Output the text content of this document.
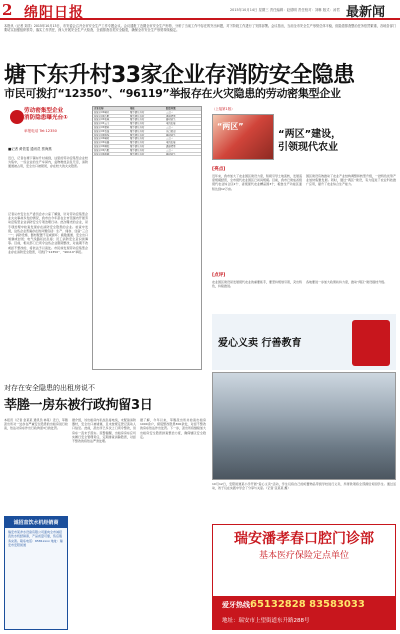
2 绵阳日报	2015年10月14日 星期三 责任编辑：赵德明 责任校对：刘琳 版式：汤君 最新闻
本报讯（记者 刘洋）2015年10月13日，市安委会召开全市安全生产工作专题会议。会议通报了近期全市安全生产形势，分析了当前工作中存在的突出问题，对下阶段工作进行了安排部署。会议指出，当前全市安全生产形势总体平稳，但隐患排查整治任务依然繁重，各地各部门要切实加强组织领导，落实工作责任，深入开展安全生产大检查，全面排查各类安全隐患，确保全市安全生产形势持续稳定。
塘下东升村33家企业存消防安全隐患
市民可拨打“12350”、“96119”举报存在火灾隐患的劳动密集型企业
劳动密集型企业
消防隐患曝光台①
举报电话 Tel:12350
■记者 黄依雯 通讯员 蔡海燕
近日，记者在塘下镇东升村看到，这里的劳动密集型企业较为集中，一些企业的生产车间内，货物堆放杂乱无章，消防通道被占用，安全出口被锁闭，存在较大的火灾隐患。
记者从市安全生产委员会办公室了解到，针对劳动密集型企业火灾事故多发的情况，我市自今年起在全市范围内开展劳动密集型企业消防安全专项治理行动。此次曝光的企业，是专项治理中检查发现存在消防安全隐患的企业。检查中发现，这些企业普遍存在的问题包括：生产、储存、住宿“三合一”；消防设施、器材配置不足或损坏；疏散通道、安全出口堵塞或封闭；电气线路私拉乱接；员工消防安全意识淡薄等。目前，相关部门已责令这些企业限期整改，对逾期不改或拒不整改的，将依法予以查处。市民如发现劳动密集型企业存在消防安全隐患，可拨打“12350”、“96119”举报。
企业名称	地址	隐患问题
瑞安市XX鞋业	塘下镇东升村	三合一
瑞安市XX汽配	塘下镇东升村	通道堵塞
瑞安市XX机械	塘下镇东升村	器材缺失
瑞安市XX五金	塘下镇东升村	电线乱接
瑞安市XX塑料	塘下镇东升村	三合一
瑞安市XX包装	塘下镇东升村	出口锁闭
瑞安市XX服饰	塘下镇东升村	器材缺失
瑞安市XX鞋材	塘下镇东升村	三合一
瑞安市XX电器	塘下镇东升村	电线乱接
瑞安市XX橡胶	塘下镇东升村	通道堵塞
瑞安市XX汽配	塘下镇东升村	三合一
瑞安市XX印刷	塘下镇东升村	器材缺失
（上接第1版）
“两区”
“两区”建设，
引领现代农业
[亮点]
近年来，我市加大了农业园区建设力度，积极引导土地流转，发展适度规模经营，全市现代农业园区已初具规模。目前，我市已建成省级现代农业综合区2个、省级现代农业精品园3个，粮食生产功能区面积达到12万亩。
园区建设有效推动了农业产业结构调整和转型升级，一批特色优势产业加快集聚发展。同时，通过“两区”建设，有力促进了农业科技推广应用，提升了农业综合生产能力。
[点评]
农业园区建设是发展现代农业的重要抓手，要坚持规划引领，突出特色，持续推进。
各地要进一步加大政策扶持力度，推动“两区”建设提档升级。
爱心义卖 行善教育
10月12日，安阳街道某小学开展“爱心义卖”活动，学生们将自己的闲置物品带到学校进行义卖，所得款项将全部捐给贫困学生。通过活动，孩子们在实践中学会了分享与关爱。（记者 张某某 摄）
对存在安全隐患的出租房说不
莘塍一房东被行政拘留3日
本报讯（记者 金某某 通讯员 林某）近日，莘塍派出所对一处存在严重安全隐患的出租房进行检查，依法对房东作出行政拘留3日的处罚。
据介绍，该出租房内私拉乱接电线，未配备消防器材，安全出口被堵塞，且未按规定登记流动人口信息。此前，派出所已多次上门责令整改，但房东一直未予落实。民警提醒，出租房房东应切实履行安全管理责任，定期排查消除隐患，对拒不整改的将依法严肃处理。
据了解，今年以来，莘塍派出所共检查出租房1000余户，督促整改隐患300余处，对拒不整改的房东依法作出处罚。下一步，派出所将继续加大出租房安全隐患排查整治力度，确保辖区安全稳定。
诚招直饮水机经销商
瑞安市某净水设备有限公司面向全市诚招直饮水机经销商，产品质量可靠，售后服务完善。联系电话：6581xxxx 地址：瑞安市安阳街道	瑞安潘孝春口腔门诊部
基本医疗保险定点单位
爱牙热线：
65132828 83583033
地址：瑞安市上望街道东升路288号
